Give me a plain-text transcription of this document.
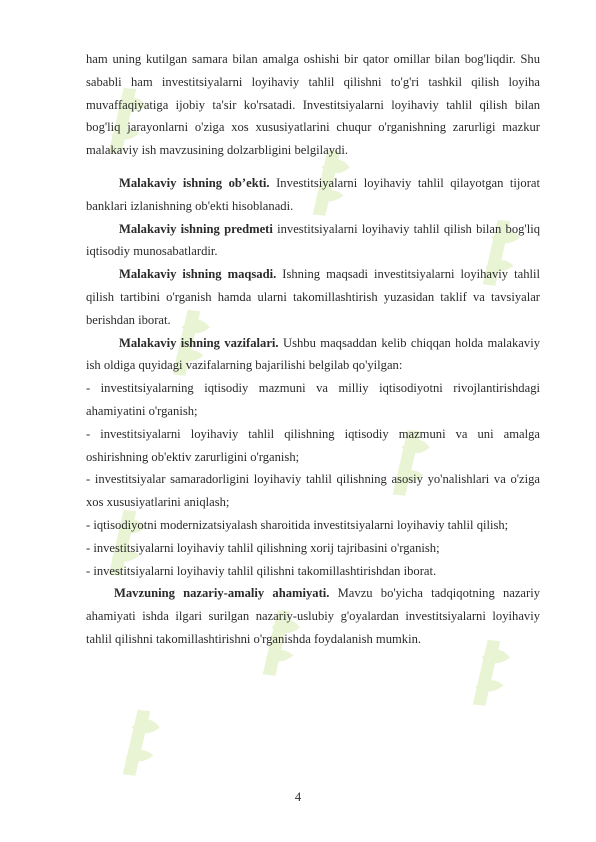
ham uning kutilgan samara bilan amalga oshishi bir qator omillar bilan bog'liqdir. Shu sababli ham investitsiyalarni loyihaviy tahlil qilishni to'g'ri tashkil qilish loyiha muvaffaqiyatiga ijobiy ta'sir ko'rsatadi. Investitsiyalarni loyihaviy tahlil qilish bilan bog'liq jarayonlarni o'ziga xos xususiyatlarini chuqur o'rganishning zarurligi mazkur malakaviy ish mavzusining dolzarbligini belgilaydi.

Malakaviy ishning ob’ekti. Investitsiyalarni loyihaviy tahlil qilayotgan tijorat banklari izlanishning ob'ekti hisoblanadi.

Malakaviy ishning predmeti investitsiyalarni loyihaviy tahlil qilish bilan bog'liq iqtisodiy munosabatlardir.

Malakaviy ishning maqsadi. Ishning maqsadi investitsiyalarni loyihaviy tahlil qilish tartibini o'rganish hamda ularni takomillashtirish yuzasidan taklif va tavsiyalar berishdan iborat.

Malakaviy ishning vazifalari. Ushbu maqsaddan kelib chiqqan holda malakaviy ish oldiga quyidagi vazifalarning bajarilishi belgilab qo'yilgan:

- investitsiyalarning iqtisodiy mazmuni va milliy iqtisodiyotni rivojlantirishdagi ahamiyatini o'rganish;

- investitsiyalarni loyihaviy tahlil qilishning iqtisodiy mazmuni va uni amalga oshirishning ob'ektiv zarurligini o'rganish;

- investitsiyalar samaradorligini loyihaviy tahlil qilishning asosiy yo'nalishlari va o'ziga xos xususiyatlarini aniqlash;

- iqtisodiyotni modernizatsiyalash sharoitida investitsiyalarni loyihaviy tahlil qilish;

- investitsiyalarni loyihaviy tahlil qilishning xorij tajribasini o'rganish;

- investitsiyalarni loyihaviy tahlil qilishni takomillashtirishdan iborat.

Mavzuning nazariy-amaliy ahamiyati. Mavzu bo'yicha tadqiqotning nazariy ahamiyati ishda ilgari surilgan nazariy-uslubiy g'oyalardan investitsiyalarni loyihaviy tahlil qilishni takomillashtirishni o'rganishda foydalanish mumkin.

4
